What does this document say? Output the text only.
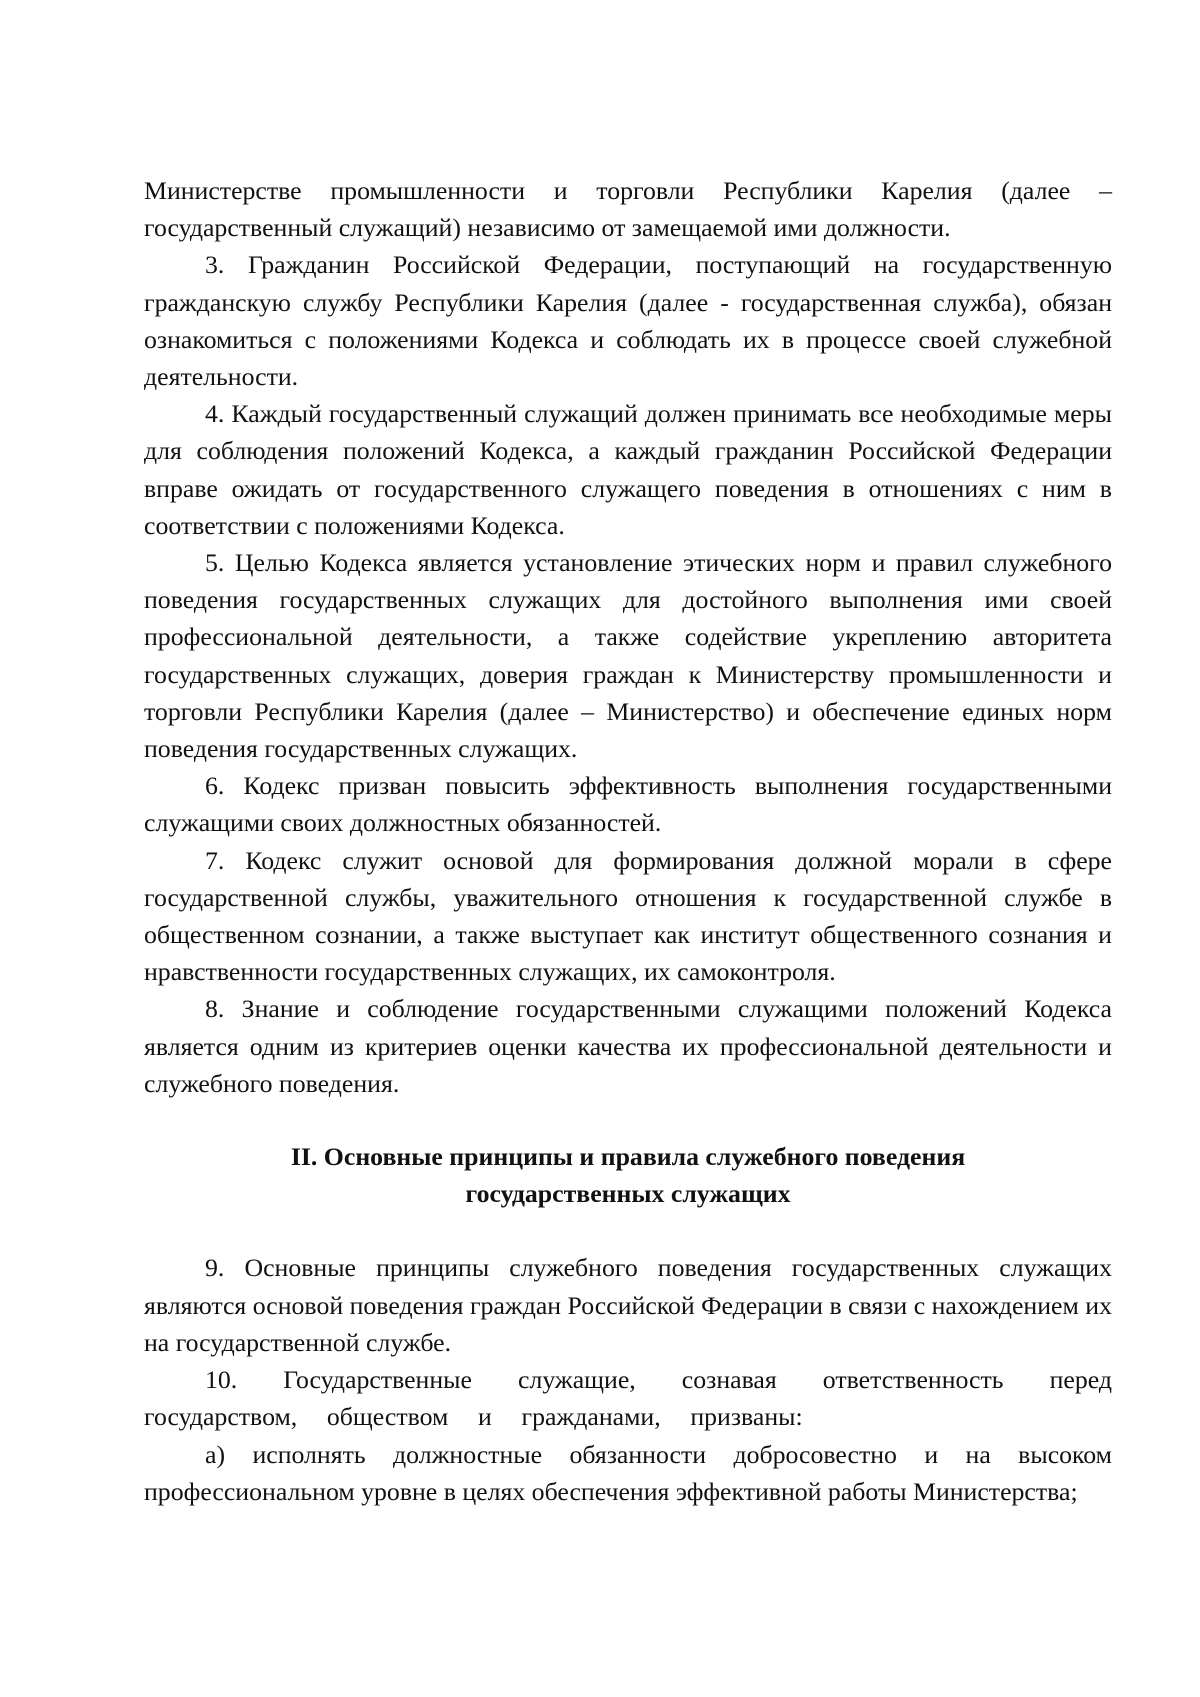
Министерстве промышленности и торговли Республики Карелия (далее – государственный служащий) независимо от замещаемой ими должности.

3. Гражданин Российской Федерации, поступающий на государственную гражданскую службу Республики Карелия (далее - государственная служба), обязан ознакомиться с положениями Кодекса и соблюдать их в процессе своей служебной деятельности.

4. Каждый государственный служащий должен принимать все необходимые меры для соблюдения положений Кодекса, а каждый гражданин Российской Федерации вправе ожидать от государственного служащего поведения в отношениях с ним в соответствии с положениями Кодекса.

5. Целью Кодекса является установление этических норм и правил служебного поведения государственных служащих для достойного выполнения ими своей профессиональной деятельности, а также содействие укреплению авторитета государственных служащих, доверия граждан к Министерству промышленности и торговли Республики Карелия (далее – Министерство) и обеспечение единых норм поведения государственных служащих.

6. Кодекс призван повысить эффективность выполнения государственными служащими своих должностных обязанностей.

7. Кодекс служит основой для формирования должной морали в сфере государственной службы, уважительного отношения к государственной службе в общественном сознании, а также выступает как институт общественного сознания и нравственности государственных служащих, их самоконтроля.

8. Знание и соблюдение государственными служащими положений Кодекса является одним из критериев оценки качества их профессиональной деятельности и служебного поведения.

II. Основные принципы и правила служебного поведения
государственных служащих

9. Основные принципы служебного поведения государственных служащих являются основой поведения граждан Российской Федерации в связи с нахождением их на государственной службе.

10. Государственные служащие, сознавая ответственность перед государством, обществом и гражданами, призваны:

а) исполнять должностные обязанности добросовестно и на высоком профессиональном уровне в целях обеспечения эффективной работы Министерства;
